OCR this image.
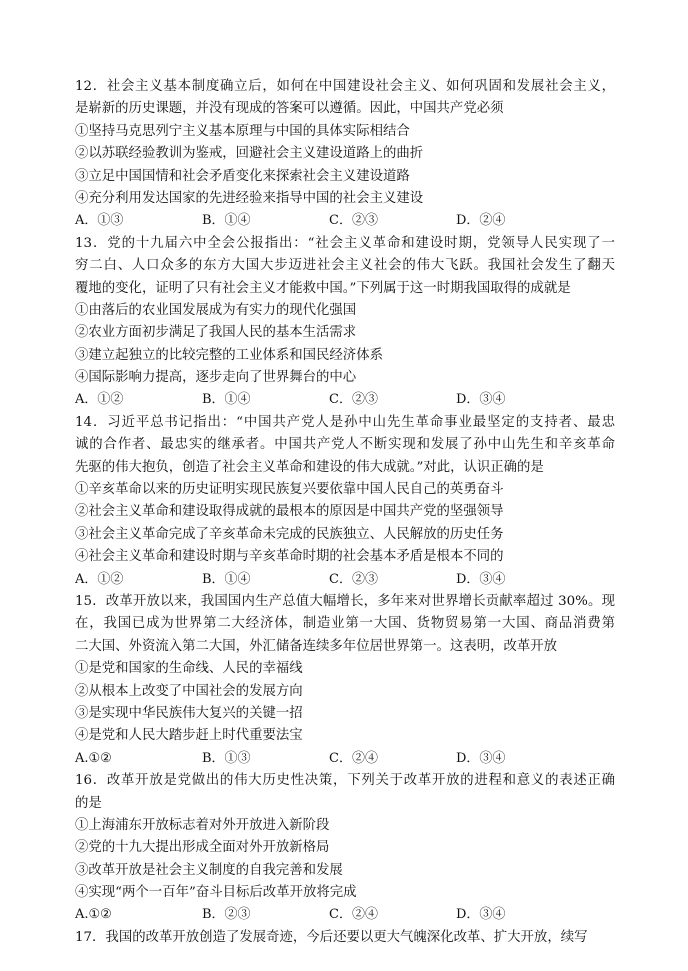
12．社会主义基本制度确立后，如何在中国建设社会主义、如何巩固和发展社会主义，
是崭新的历史课题，并没有现成的答案可以遵循。因此，中国共产党必须
①坚持马克思列宁主义基本原理与中国的具体实际相结合
②以苏联经验教训为鉴戒，回避社会主义建设道路上的曲折
③立足中国国情和社会矛盾变化来探索社会主义建设道路
④充分利用发达国家的先进经验来指导中国的社会主义建设
A．①③	B．①④	C．②③	D．②④
13．党的十九届六中全会公报指出：“社会主义革命和建设时期，党领导人民实现了一
穷二白、人口众多的东方大国大步迈进社会主义社会的伟大飞跃。我国社会发生了翻天
覆地的变化，证明了只有社会主义才能救中国。”下列属于这一时期我国取得的成就是
①由落后的农业国发展成为有实力的现代化强国
②农业方面初步满足了我国人民的基本生活需求
③建立起独立的比较完整的工业体系和国民经济体系
④国际影响力提高，逐步走向了世界舞台的中心
A．①②	B．①④	C．②③	D．③④
14．习近平总书记指出：“中国共产党人是孙中山先生革命事业最坚定的支持者、最忠
诚的合作者、最忠实的继承者。中国共产党人不断实现和发展了孙中山先生和辛亥革命
先驱的伟大抱负，创造了社会主义革命和建设的伟大成就。”对此，认识正确的是
①辛亥革命以来的历史证明实现民族复兴要依靠中国人民自己的英勇奋斗
②社会主义革命和建设取得成就的最根本的原因是中国共产党的坚强领导
③社会主义革命完成了辛亥革命未完成的民族独立、人民解放的历史任务
④社会主义革命和建设时期与辛亥革命时期的社会基本矛盾是根本不同的
A．①②	B．①④	C．②③	D．③④
15．改革开放以来，我国国内生产总值大幅增长，多年来对世界增长贡献率超过 30%。现
在，我国已成为世界第二大经济体，制造业第一大国、货物贸易第一大国、商品消费第
二大国、外资流入第二大国，外汇储备连续多年位居世界第一。这表明，改革开放
①是党和国家的生命线、人民的幸福线
②从根本上改变了中国社会的发展方向
③是实现中华民族伟大复兴的关键一招
④是党和人民大踏步赶上时代重要法宝
A.①②	B．①③	C．②④	D．③④
16．改革开放是党做出的伟大历史性决策，下列关于改革开放的进程和意义的表述正确
的是
①上海浦东开放标志着对外开放进入新阶段
②党的十九大提出形成全面对外开放新格局
③改革开放是社会主义制度的自我完善和发展
④实现“两个一百年”奋斗目标后改革开放将完成
A.①②	B．②③	C．②④	D．③④
17．我国的改革开放创造了发展奇迹，今后还要以更大气魄深化改革、扩大开放，续写
